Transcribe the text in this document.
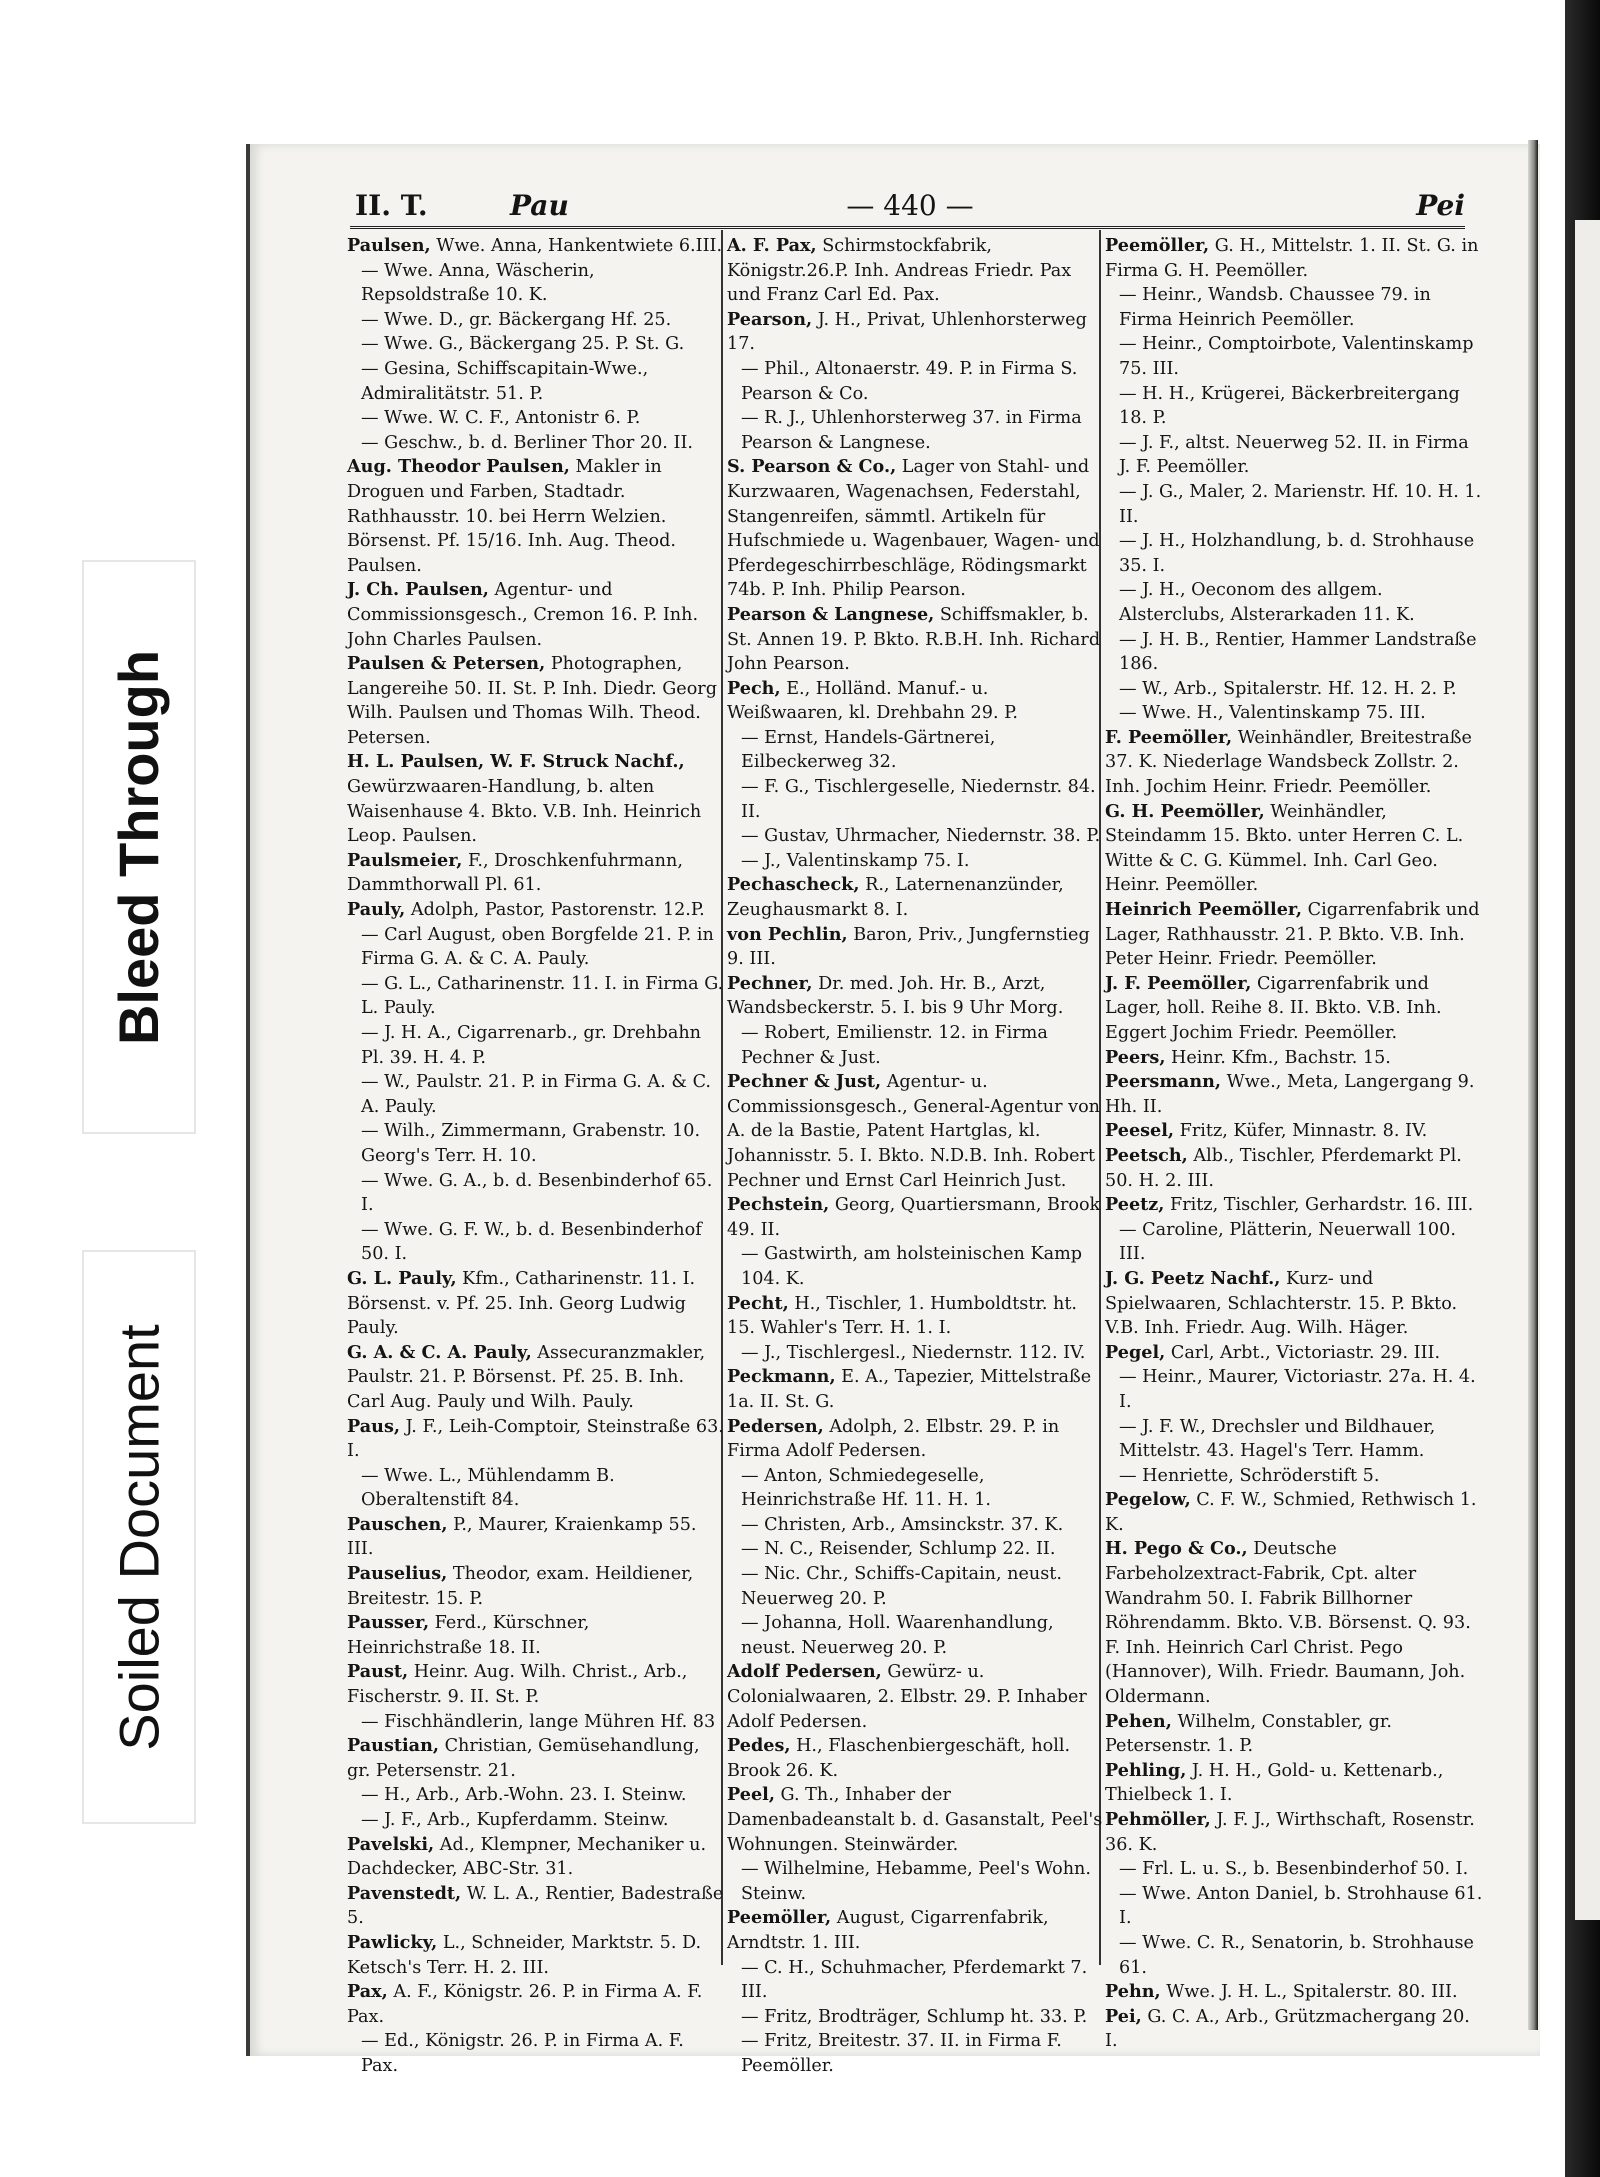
II. T.	Pau	— 440 —	Pei

Paulsen, Wwe. Anna, Hankentwiete 6.III.

— Wwe. Anna, Wäscherin, Repsoldstraße 10. K.

— Wwe. D., gr. Bäckergang Hf. 25.

— Wwe. G., Bäckergang 25. P. St. G.

— Gesina, Schiffscapitain-Wwe., Admiralitätstr. 51. P.

— Wwe. W. C. F., Antonistr 6. P.

— Geschw., b. d. Berliner Thor 20. II.

Aug. Theodor Paulsen, Makler in Droguen und Farben, Stadtadr. Rathhausstr. 10. bei Herrn Welzien. Börsenst. Pf. 15/16. Inh. Aug. Theod. Paulsen.

J. Ch. Paulsen, Agentur- und Commissionsgesch., Cremon 16. P. Inh. John Charles Paulsen.

Paulsen & Petersen, Photographen, Langereihe 50. II. St. P. Inh. Diedr. Georg Wilh. Paulsen und Thomas Wilh. Theod. Petersen.

H. L. Paulsen, W. F. Struck Nachf., Gewürzwaaren-Handlung, b. alten Waisenhause 4. Bkto. V.B. Inh. Heinrich Leop. Paulsen.

Paulsmeier, F., Droschkenfuhrmann, Dammthorwall Pl. 61.

Pauly, Adolph, Pastor, Pastorenstr. 12.P.

— Carl August, oben Borgfelde 21. P. in Firma G. A. & C. A. Pauly.

— G. L., Catharinenstr. 11. I. in Firma G. L. Pauly.

— J. H. A., Cigarrenarb., gr. Drehbahn Pl. 39. H. 4. P.

— W., Paulstr. 21. P. in Firma G. A. & C. A. Pauly.

— Wilh., Zimmermann, Grabenstr. 10. Georg's Terr. H. 10.

— Wwe. G. A., b. d. Besenbinderhof 65. I.

— Wwe. G. F. W., b. d. Besenbinderhof 50. I.

G. L. Pauly, Kfm., Catharinenstr. 11. I. Börsenst. v. Pf. 25. Inh. Georg Ludwig Pauly.

G. A. & C. A. Pauly, Assecuranzmakler, Paulstr. 21. P. Börsenst. Pf. 25. B. Inh. Carl Aug. Pauly und Wilh. Pauly.

Paus, J. F., Leih-Comptoir, Steinstraße 63. I.

— Wwe. L., Mühlendamm B. Oberaltenstift 84.

Pauschen, P., Maurer, Kraienkamp 55. III.

Pauselius, Theodor, exam. Heildiener, Breitestr. 15. P.

Pausser, Ferd., Kürschner, Heinrichstraße 18. II.

Paust, Heinr. Aug. Wilh. Christ., Arb., Fischerstr. 9. II. St. P.

— Fischhändlerin, lange Mühren Hf. 83

Paustian, Christian, Gemüsehandlung, gr. Petersenstr. 21.

— H., Arb., Arb.-Wohn. 23. I. Steinw.

— J. F., Arb., Kupferdamm. Steinw.

Pavelski, Ad., Klempner, Mechaniker u. Dachdecker, ABC-Str. 31.

Pavenstedt, W. L. A., Rentier, Badestraße 5.

Pawlicky, L., Schneider, Marktstr. 5. D. Ketsch's Terr. H. 2. III.

Pax, A. F., Königstr. 26. P. in Firma A. F. Pax.

— Ed., Königstr. 26. P. in Firma A. F. Pax.

A. F. Pax, Schirmstockfabrik, Königstr.26.P. Inh. Andreas Friedr. Pax und Franz Carl Ed. Pax.

Pearson, J. H., Privat, Uhlenhorsterweg 17.

— Phil., Altonaerstr. 49. P. in Firma S. Pearson & Co.

— R. J., Uhlenhorsterweg 37. in Firma Pearson & Langnese.

S. Pearson & Co., Lager von Stahl- und Kurzwaaren, Wagenachsen, Federstahl, Stangenreifen, sämmtl. Artikeln für Hufschmiede u. Wagenbauer, Wagen- und Pferdegeschirrbeschläge, Rödingsmarkt 74b. P. Inh. Philip Pearson.

Pearson & Langnese, Schiffsmakler, b. St. Annen 19. P. Bkto. R.B.H. Inh. Richard John Pearson.

Pech, E., Holländ. Manuf.- u. Weißwaaren, kl. Drehbahn 29. P.

— Ernst, Handels-Gärtnerei, Eilbeckerweg 32.

— F. G., Tischlergeselle, Niedernstr. 84. II.

— Gustav, Uhrmacher, Niedernstr. 38. P.

— J., Valentinskamp 75. I.

Pechascheck, R., Laternenanzünder, Zeughausmarkt 8. I.

von Pechlin, Baron, Priv., Jungfernstieg 9. III.

Pechner, Dr. med. Joh. Hr. B., Arzt, Wandsbeckerstr. 5. I. bis 9 Uhr Morg.

— Robert, Emilienstr. 12. in Firma Pechner & Just.

Pechner & Just, Agentur- u. Commissionsgesch., General-Agentur von A. de la Bastie, Patent Hartglas, kl. Johannisstr. 5. I. Bkto. N.D.B. Inh. Robert Pechner und Ernst Carl Heinrich Just.

Pechstein, Georg, Quartiersmann, Brook 49. II.

— Gastwirth, am holsteinischen Kamp 104. K.

Pecht, H., Tischler, 1. Humboldtstr. ht. 15. Wahler's Terr. H. 1. I.

— J., Tischlergesl., Niedernstr. 112. IV.

Peckmann, E. A., Tapezier, Mittelstraße 1a. II. St. G.

Pedersen, Adolph, 2. Elbstr. 29. P. in Firma Adolf Pedersen.

— Anton, Schmiedegeselle, Heinrichstraße Hf. 11. H. 1.

— Christen, Arb., Amsinckstr. 37. K.

— N. C., Reisender, Schlump 22. II.

— Nic. Chr., Schiffs-Capitain, neust. Neuerweg 20. P.

— Johanna, Holl. Waarenhandlung, neust. Neuerweg 20. P.

Adolf Pedersen, Gewürz- u. Colonialwaaren, 2. Elbstr. 29. P. Inhaber Adolf Pedersen.

Pedes, H., Flaschenbiergeschäft, holl. Brook 26. K.

Peel, G. Th., Inhaber der Damenbadeanstalt b. d. Gasanstalt, Peel's Wohnungen. Steinwärder.

— Wilhelmine, Hebamme, Peel's Wohn. Steinw.

Peemöller, August, Cigarrenfabrik, Arndtstr. 1. III.

— C. H., Schuhmacher, Pferdemarkt 7. III.

— Fritz, Brodträger, Schlump ht. 33. P.

— Fritz, Breitestr. 37. II. in Firma F. Peemöller.

Peemöller, G. H., Mittelstr. 1. II. St. G. in Firma G. H. Peemöller.

— Heinr., Wandsb. Chaussee 79. in Firma Heinrich Peemöller.

— Heinr., Comptoirbote, Valentinskamp 75. III.

— H. H., Krügerei, Bäckerbreitergang 18. P.

— J. F., altst. Neuerweg 52. II. in Firma J. F. Peemöller.

— J. G., Maler, 2. Marienstr. Hf. 10. H. 1. II.

— J. H., Holzhandlung, b. d. Strohhause 35. I.

— J. H., Oeconom des allgem. Alsterclubs, Alsterarkaden 11. K.

— J. H. B., Rentier, Hammer Landstraße 186.

— W., Arb., Spitalerstr. Hf. 12. H. 2. P.

— Wwe. H., Valentinskamp 75. III.

F. Peemöller, Weinhändler, Breitestraße 37. K. Niederlage Wandsbeck Zollstr. 2. Inh. Jochim Heinr. Friedr. Peemöller.

G. H. Peemöller, Weinhändler, Steindamm 15. Bkto. unter Herren C. L. Witte & C. G. Kümmel. Inh. Carl Geo. Heinr. Peemöller.

Heinrich Peemöller, Cigarrenfabrik und Lager, Rathhausstr. 21. P. Bkto. V.B. Inh. Peter Heinr. Friedr. Peemöller.

J. F. Peemöller, Cigarrenfabrik und Lager, holl. Reihe 8. II. Bkto. V.B. Inh. Eggert Jochim Friedr. Peemöller.

Peers, Heinr. Kfm., Bachstr. 15.

Peersmann, Wwe., Meta, Langergang 9. Hh. II.

Peesel, Fritz, Küfer, Minnastr. 8. IV.

Peetsch, Alb., Tischler, Pferdemarkt Pl. 50. H. 2. III.

Peetz, Fritz, Tischler, Gerhardstr. 16. III.

— Caroline, Plätterin, Neuerwall 100. III.

J. G. Peetz Nachf., Kurz- und Spielwaaren, Schlachterstr. 15. P. Bkto. V.B. Inh. Friedr. Aug. Wilh. Häger.

Pegel, Carl, Arbt., Victoriastr. 29. III.

— Heinr., Maurer, Victoriastr. 27a. H. 4. I.

— J. F. W., Drechsler und Bildhauer, Mittelstr. 43. Hagel's Terr. Hamm.

— Henriette, Schröderstift 5.

Pegelow, C. F. W., Schmied, Rethwisch 1. K.

H. Pego & Co., Deutsche Farbeholzextract-Fabrik, Cpt. alter Wandrahm 50. I. Fabrik Billhorner Röhrendamm. Bkto. V.B. Börsenst. Q. 93. F. Inh. Heinrich Carl Christ. Pego (Hannover), Wilh. Friedr. Baumann, Joh. Oldermann.

Pehen, Wilhelm, Constabler, gr. Petersenstr. 1. P.

Pehling, J. H. H., Gold- u. Kettenarb., Thielbeck 1. I.

Pehmöller, J. F. J., Wirthschaft, Rosenstr. 36. K.

— Frl. L. u. S., b. Besenbinderhof 50. I.

— Wwe. Anton Daniel, b. Strohhause 61. I.

— Wwe. C. R., Senatorin, b. Strohhause 61.

Pehn, Wwe. J. H. L., Spitalerstr. 80. III.

Pei, G. C. A., Arb., Grützmachergang 20. I.

Bleed Through
Soiled Document
